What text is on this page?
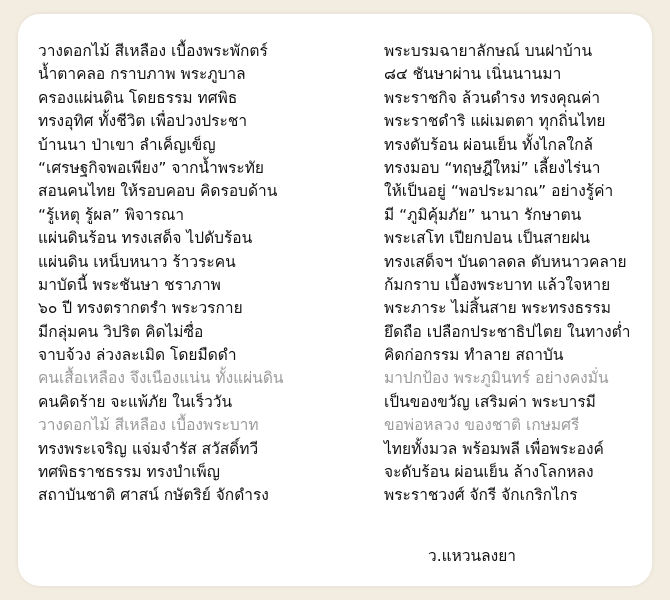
วางดอกไม้ สีเหลือง เบื้องพระพักตร์
น้ำตาคลอ กราบภาพ พระภูบาล
ครองแผ่นดิน โดยธรรม ทศพิธ
ทรงอุทิศ ทั้งชีวิต เพื่อปวงประชา
บ้านนา ป่าเขา ลำเค็ญเข็ญ
“เศรษฐกิจพอเพียง” จากน้ำพระทัย
สอนคนไทย ให้รอบคอบ คิดรอบด้าน
“รู้เหตุ รู้ผล” พิจารณา
แผ่นดินร้อน ทรงเสด็จ ไปดับร้อน
แผ่นดิน เหน็บหนาว ร้าวระคน
มาบัดนี้ พระชันษา ชราภาพ
๖๐ ปี ทรงตรากตรำ พระวรกาย
มีกลุ่มคน วิปริต คิดไม่ซื่อ
จาบจ้วง ล่วงละเมิด โดยมืดดำ
คนเสื้อเหลือง จึงเนืองแน่น ทั้งแผ่นดิน
คนคิดร้าย จะแพ้ภัย ในเร็ววัน
วางดอกไม้ สีเหลือง เบื้องพระบาท
ทรงพระเจริญ แจ่มจำรัส สวัสดิ์ทวี
ทศพิธราชธรรม ทรงบำเพ็ญ
สถาบันชาติ ศาสน์ กษัตริย์ จักดำรง
พระบรมฉายาลักษณ์ บนฝาบ้าน
๘๔ ชันษาผ่าน เนิ่นนานมา
พระราชกิจ ล้วนดำรง ทรงคุณค่า
พระราชดำริ แผ่เมตตา ทุกถิ่นไทย
ทรงดับร้อน ผ่อนเย็น ทั้งไกลใกล้
ทรงมอบ “ทฤษฎีใหม่” เลี้ยงไร่นา
ให้เป็นอยู่ “พอประมาณ” อย่างรู้ค่า
มี “ภูมิคุ้มภัย” นานา รักษาตน
พระเสโท เปียกปอน เป็นสายฝน
ทรงเสด็จฯ บันดาลดล ดับหนาวคลาย
ก้มกราบ เบื้องพระบาท แล้วใจหาย
พระภาระ ไม่สิ้นสาย พระทรงธรรม
ยึดถือ เปลือกประชาธิปไตย ในทางต่ำ
คิดก่อกรรม ทำลาย สถาบัน
มาปกป้อง พระภูมินทร์ อย่างคงมั่น
เป็นของขวัญ เสริมค่า พระบารมี
ขอพ่อหลวง ของชาติ เกษมศรี
ไทยทั้งมวล พร้อมพลี เพื่อพระองค์
จะดับร้อน ผ่อนเย็น ล้างโลกหลง
พระราชวงศ์ จักรี จักเกริกไกร
ว.แหวนลงยา
